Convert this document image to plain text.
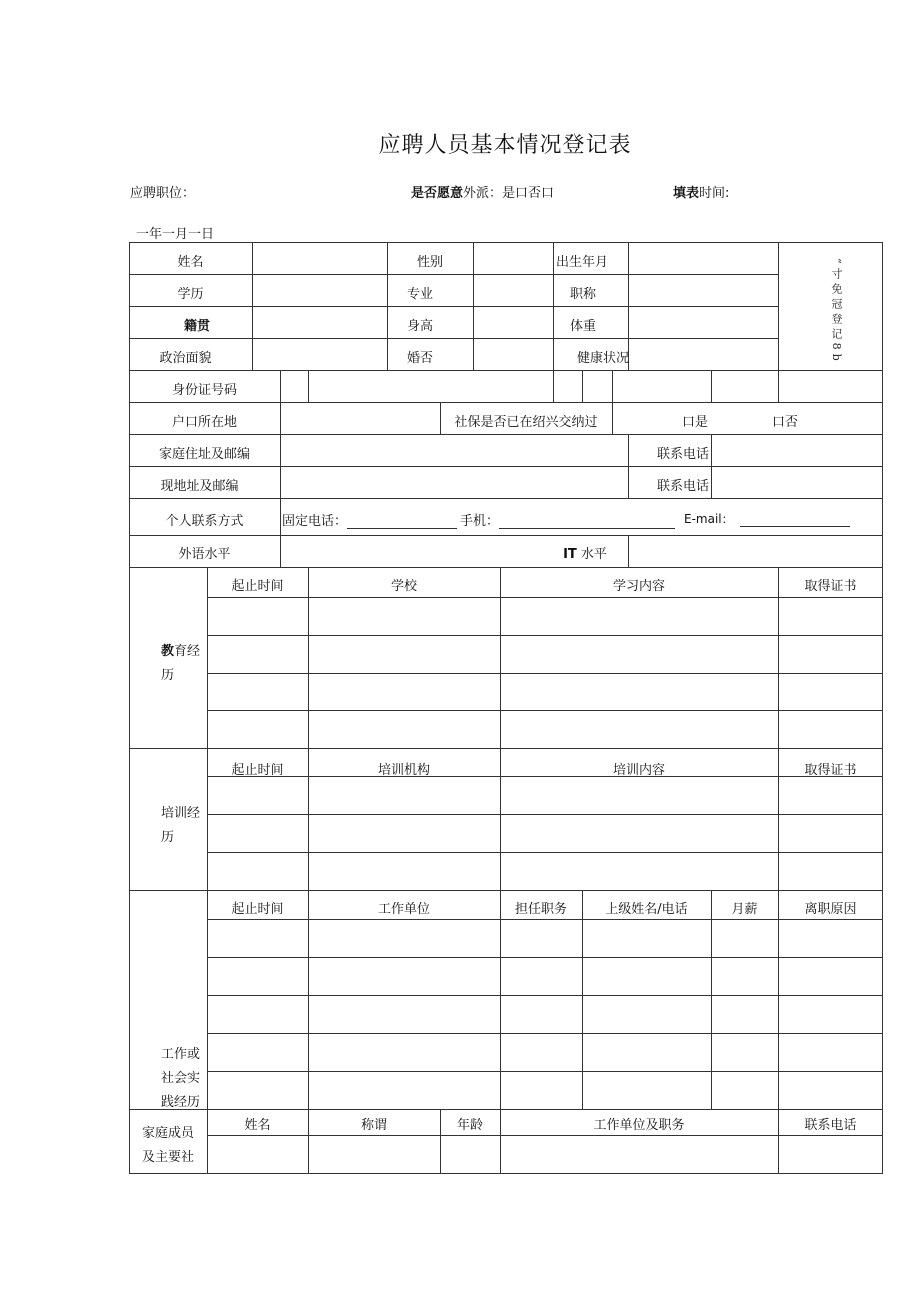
应聘人员基本情况登记表
应聘职位：	是否愿意外派：是口否口	填表时间:
一年一月一日
姓名	性别	出生年月
学历	专业	职称
籍贯	身高	体重
政治面貌	婚否	健康状况	“寸免冠登记8b
身份证号码
户口所在地	社保是否已在绍兴交纳过	口是	口否
家庭住址及邮编	联系电话
现地址及邮编	联系电话
个人联系方式	固定电话：	手机：	E-mail：
外语水平	IT 水平
起止时间	学校	学习内容	取得证书
教育经
历
起止时间	培训机构	培训内容	取得证书
培训经
历
起止时间	工作单位	担任职务	上级姓名/电话	月薪	离职原因
工作或
社会实
践经历
姓名	称谓	年龄	工作单位及职务	联系电话
家庭成员
及主要社
